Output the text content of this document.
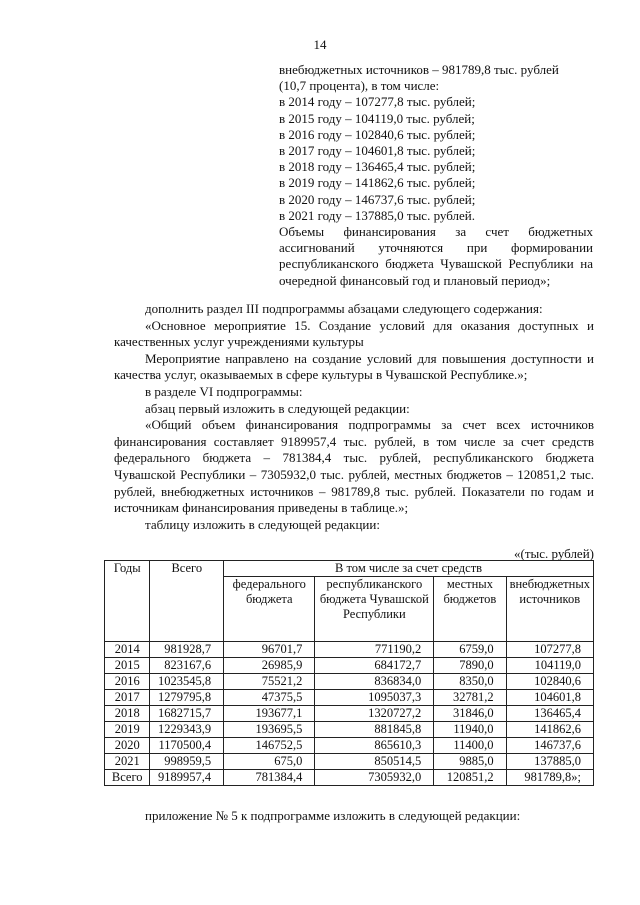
14

внебюджетных источников – 981789,8 тыс. рублей

(10,7 процента), в том числе:

в 2014 году – 107277,8 тыс. рублей;

в 2015 году – 104119,0 тыс. рублей;

в 2016 году – 102840,6 тыс. рублей;

в 2017 году – 104601,8 тыс. рублей;

в 2018 году – 136465,4 тыс. рублей;

в 2019 году – 141862,6 тыс. рублей;

в 2020 году – 146737,6 тыс. рублей;

в 2021 году – 137885,0 тыс. рублей.

Объемы финансирования за счет бюджетных ассигнований уточняются при формировании республиканского бюджета Чувашской Республики на очередной финансовый год и плановый период»;

дополнить раздел III подпрограммы абзацами следующего содержания:

«Основное мероприятие 15. Создание условий для оказания доступных и качественных услуг учреждениями культуры

Мероприятие направлено на создание условий для повышения доступности и качества услуг, оказываемых в сфере культуры в Чувашской Республике.»;

в разделе VI подпрограммы:

абзац первый изложить в следующей редакции:

«Общий объем финансирования подпрограммы за счет всех источников финансирования составляет 9189957,4 тыс. рублей, в том числе за счет средств федерального бюджета – 781384,4 тыс. рублей, республиканского бюджета Чувашской Республики – 7305932,0 тыс. рублей, местных бюджетов – 120851,2 тыс. рублей, внебюджетных источников – 981789,8 тыс. рублей. Показатели по годам и источникам финансирования приведены в таблице.»;

таблицу изложить в следующей редакции:

«(тыс. рублей)
Годы	Всего	В том числе за счет средств			
		федерального бюджета	республиканского бюджета Чувашской Республики	местных бюджетов	внебюджетных источников
2014	981928,7	96701,7	771190,2	6759,0	107277,8
2015	823167,6	26985,9	684172,7	7890,0	104119,0
2016	1023545,8	75521,2	836834,0	8350,0	102840,6
2017	1279795,8	47375,5	1095037,3	32781,2	104601,8
2018	1682715,7	193677,1	1320727,2	31846,0	136465,4
2019	1229343,9	193695,5	881845,8	11940,0	141862,6
2020	1170500,4	146752,5	865610,3	11400,0	146737,6
2021	998959,5	675,0	850514,5	9885,0	137885,0
Всего	9189957,4	781384,4	7305932,0	120851,2	981789,8»;
приложение № 5 к подпрограмме изложить в следующей редакции:
